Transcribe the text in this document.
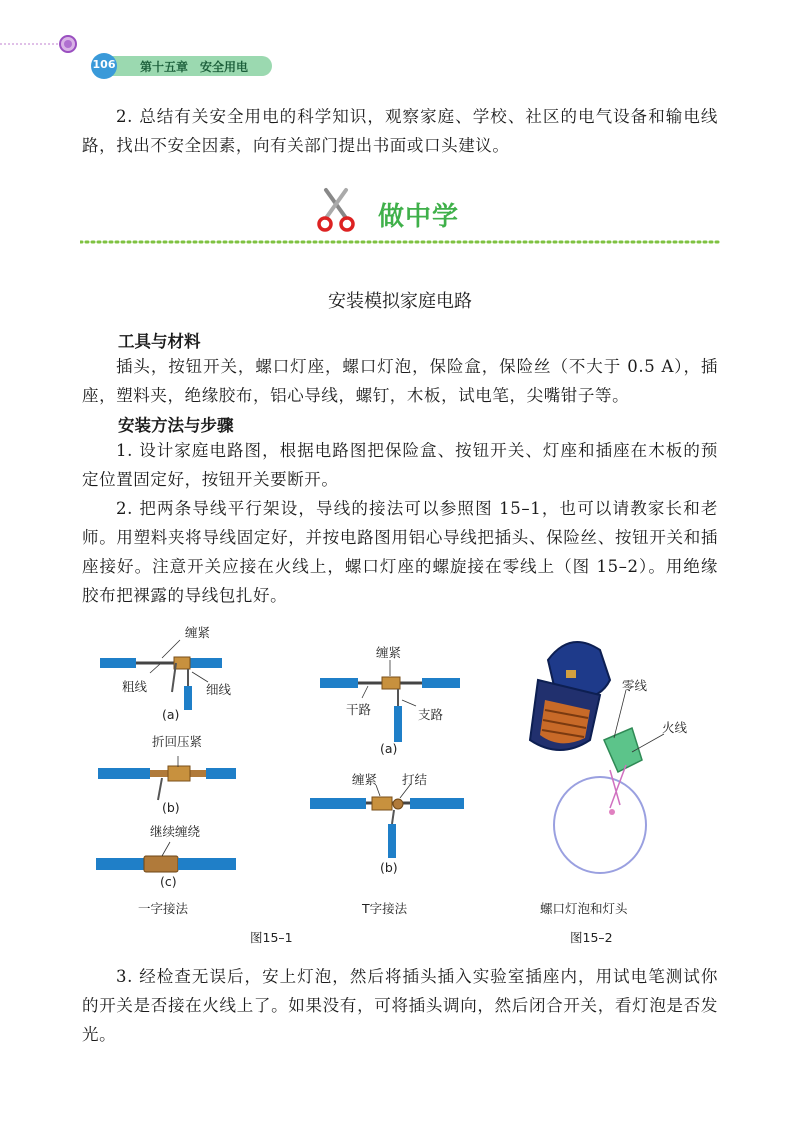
106 第十五章　安全用电

2. 总结有关安全用电的科学知识，观察家庭、学校、社区的电气设备和输电线路，找出不安全因素，向有关部门提出书面或口头建议。

做中学
安装模拟家庭电路
工具与材料

插头，按钮开关，螺口灯座，螺口灯泡，保险盒，保险丝（不大于 0.5 A），插座，塑料夹，绝缘胶布，铝心导线，螺钉，木板，试电笔，尖嘴钳子等。

安装方法与步骤

1. 设计家庭电路图，根据电路图把保险盒、按钮开关、灯座和插座在木板的预定位置固定好，按钮开关要断开。

2. 把两条导线平行架设，导线的接法可以参照图 15–1，也可以请教家长和老师。用塑料夹将导线固定好，并按电路图用铝心导线把插头、保险丝、按钮开关和插座接好。注意开关应接在火线上，螺口灯座的螺旋接在零线上（图 15–2）。用绝缘胶布把裸露的导线包扎好。

缠紧
粗线	细线
(a)
折回压紧
(b)
继续缠绕
(c)
一字接法
缠紧
干路	支路
(a)
缠紧 打结
(b)
T字接法
图15–1
零线
火线
螺口灯泡和灯头
图15–2

3. 经检查无误后，安上灯泡，然后将插头插入实验室插座内，用试电笔测试你的开关是否接在火线上了。如果没有，可将插头调向，然后闭合开关，看灯泡是否发光。
